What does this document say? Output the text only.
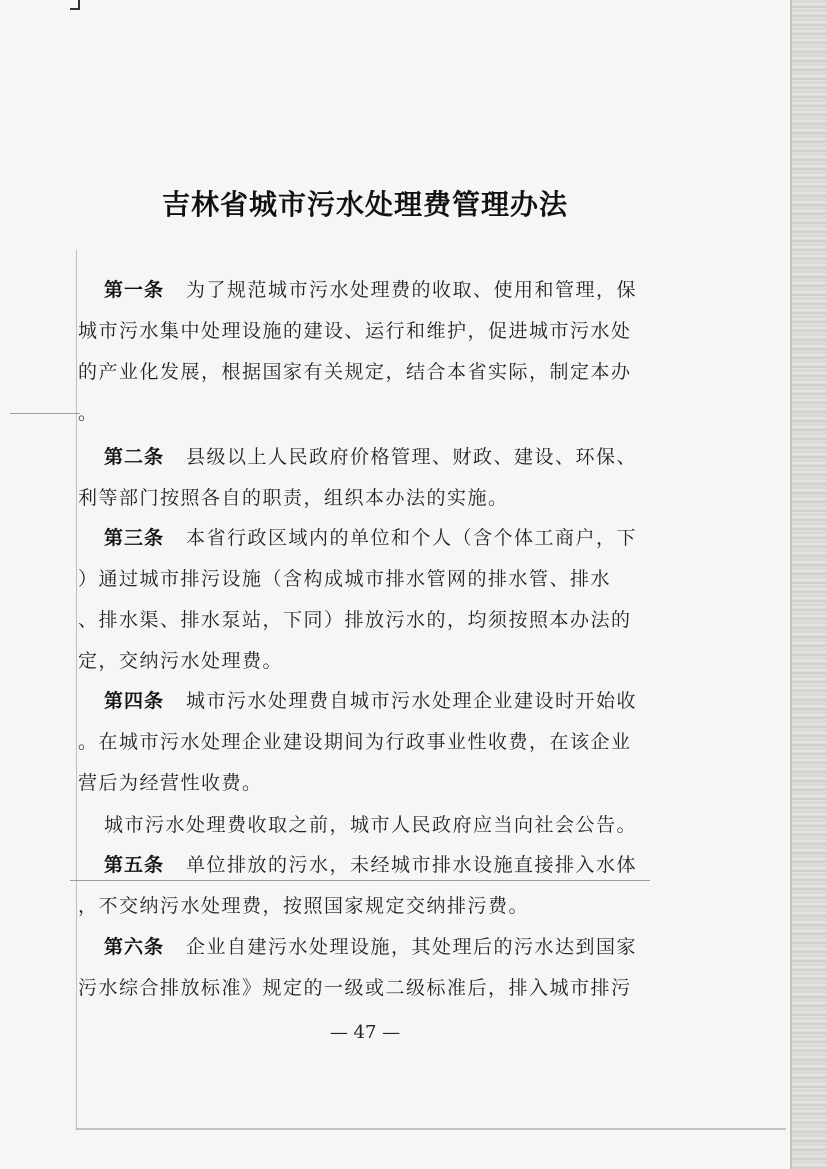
吉林省城市污水处理费管理办法
第一条 为了规范城市污水处理费的收取、使用和管理，保
城市污水集中处理设施的建设、运行和维护，促进城市污水处
的产业化发展，根据国家有关规定，结合本省实际，制定本办
。
第二条 县级以上人民政府价格管理、财政、建设、环保、
利等部门按照各自的职责，组织本办法的实施。
第三条 本省行政区域内的单位和个人（含个体工商户，下
）通过城市排污设施（含构成城市排水管网的排水管、排水
、排水渠、排水泵站，下同）排放污水的，均须按照本办法的
定，交纳污水处理费。
第四条 城市污水处理费自城市污水处理企业建设时开始收
。在城市污水处理企业建设期间为行政事业性收费，在该企业
营后为经营性收费。
城市污水处理费收取之前，城市人民政府应当向社会公告。
第五条 单位排放的污水，未经城市排水设施直接排入水体
，不交纳污水处理费，按照国家规定交纳排污费。
第六条 企业自建污水处理设施，其处理后的污水达到国家
污水综合排放标准》规定的一级或二级标准后，排入城市排污
— 47 —
